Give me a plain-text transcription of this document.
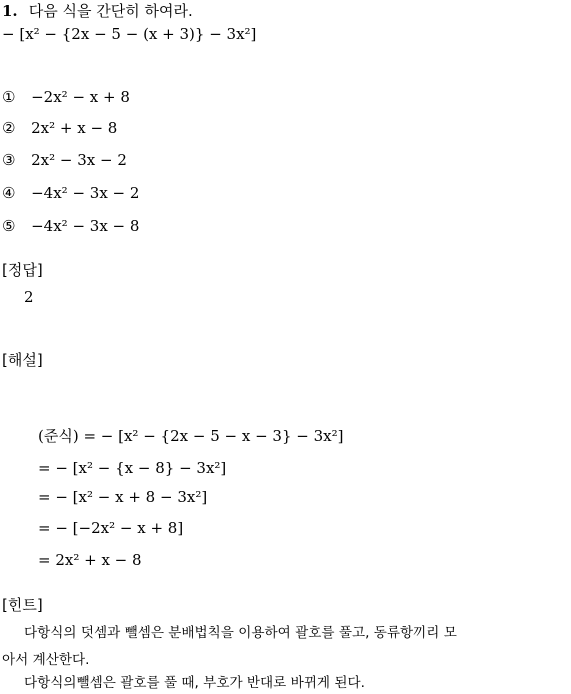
1. 다음 식을 간단히 하여라.
− [x² − {2x − 5 − (x + 3)} − 3x²]
① −2x² − x + 8
② 2x² + x − 8
③ 2x² − 3x − 2
④ −4x² − 3x − 2
⑤ −4x² − 3x − 8
[정답]
2
[해설]
(준식) = − [x² − {2x − 5 − x − 3} − 3x²]
= − [x² − {x − 8} − 3x²]
= − [x² − x + 8 − 3x²]
= − [−2x² − x + 8]
= 2x² + x − 8
[힌트]
다항식의 덧셈과 뺄셈은 분배법칙을 이용하여 괄호를 풀고, 동류항끼리 모
아서 계산한다.
다항식의뺄셈은 괄호를 풀 때, 부호가 반대로 바뀌게 된다.
